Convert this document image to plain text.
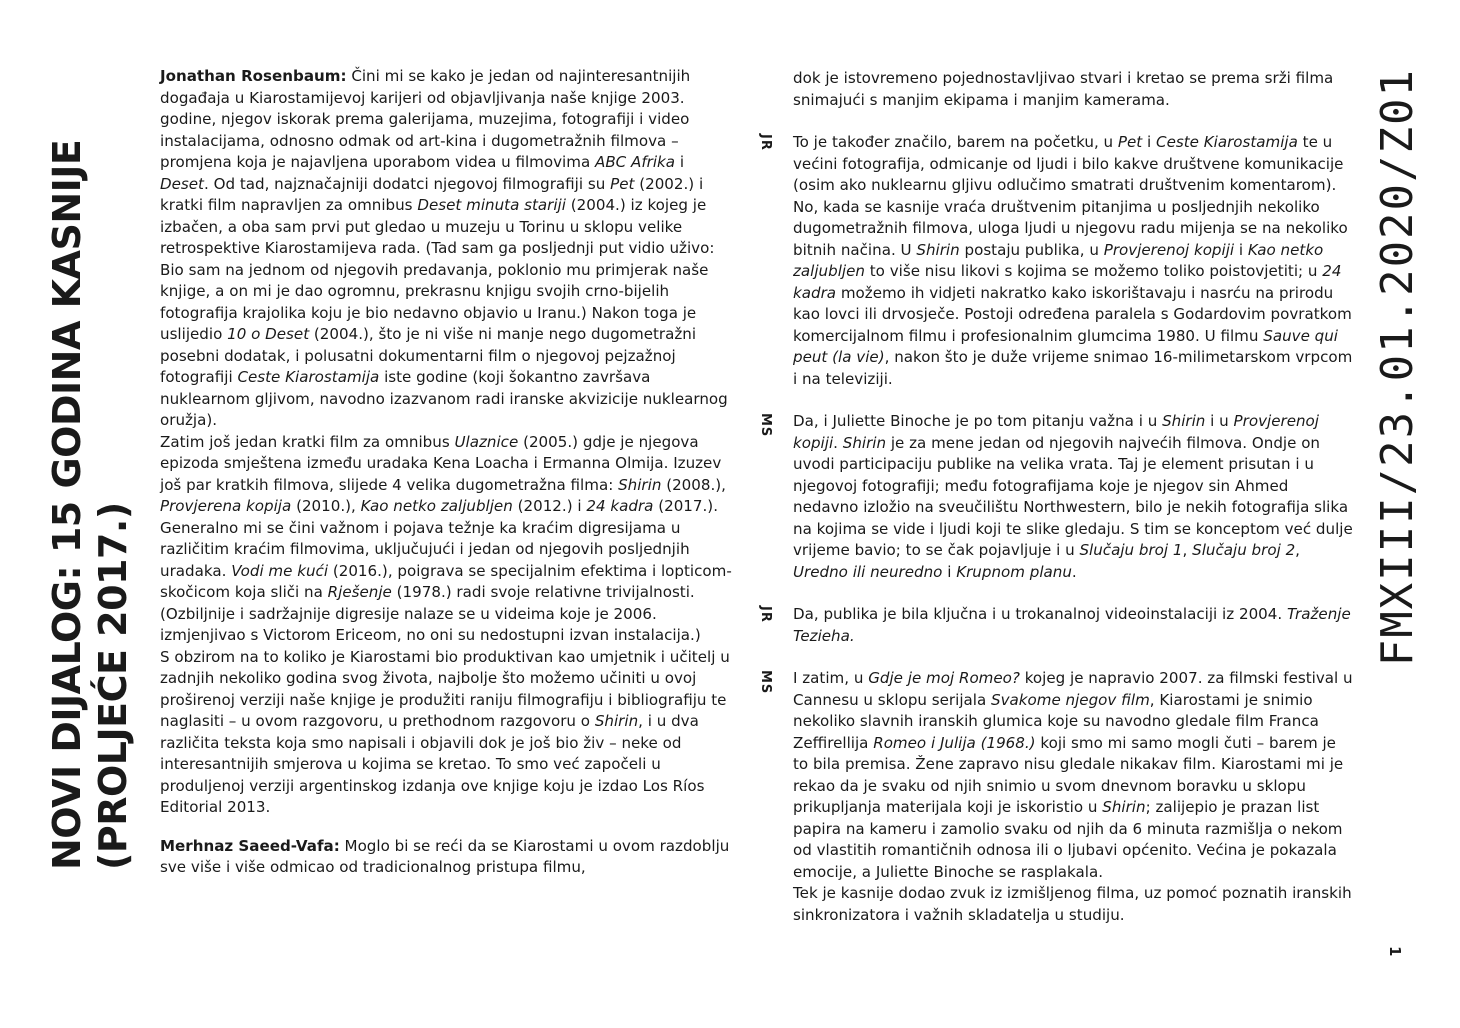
NOVI DIJALOG: 15 GODINA KASNIJE (PROLJEĆE 2017.)

Jonathan Rosenbaum: Čini mi se kako je jedan od najinteresantnijih događaja u Kiarostamijevoj karijeri od objavljivanja naše knjige 2003. godine, njegov iskorak prema galerijama, muzejima, fotografiji i video instalacijama, odnosno odmak od art-kina i dugometražnih filmova – promjena koja je najavljena uporabom videa u filmovima ABC Afrika i Deset. Od tad, najznačajniji dodatci njegovoj filmografiji su Pet (2002.) i kratki film napravljen za omnibus Deset minuta stariji (2004.) iz kojeg je izbačen, a oba sam prvi put gledao u muzeju u Torinu u sklopu velike retrospektive Kiarostamijeva rada. (Tad sam ga posljednji put vidio uživo: Bio sam na jednom od njegovih predavanja, poklonio mu primjerak naše knjige, a on mi je dao ogromnu, prekrasnu knjigu svojih crno-bijelih fotografija krajolika koju je bio nedavno objavio u Iranu.) Nakon toga je uslijedio 10 o Deset (2004.), što je ni više ni manje nego dugometražni posebni dodatak, i polusatni dokumentarni film o njegovoj pejzažnoj fotografiji Ceste Kiarostamija iste godine (koji šokantno završava nuklearnom gljivom, navodno izazvanom radi iranske akvizicije nuklearnog oružja).

Zatim još jedan kratki film za omnibus Ulaznice (2005.) gdje je njegova epizoda smještena između uradaka Kena Loacha i Ermanna Olmija. Izuzev još par kratkih filmova, slijede 4 velika dugometražna filma: Shirin (2008.), Provjerena kopija (2010.), Kao netko zaljubljen (2012.) i 24 kadra (2017.).

Generalno mi se čini važnom i pojava težnje ka kraćim digresijama u različitim kraćim filmovima, uključujući i jedan od njegovih posljednjih uradaka. Vodi me kući (2016.), poigrava se specijalnim efektima i lopticom-skočicom koja sliči na Rješenje (1978.) radi svoje relativne trivijalnosti. (Ozbiljnije i sadržajnije digresije nalaze se u videima koje je 2006. izmjenjivao s Victorom Ericeom, no oni su nedostupni izvan instalacija.)

S obzirom na to koliko je Kiarostami bio produktivan kao umjetnik i učitelj u zadnjih nekoliko godina svog života, najbolje što možemo učiniti u ovoj proširenoj verziji naše knjige je produžiti raniju filmografiju i bibliografiju te naglasiti – u ovom razgovoru, u prethodnom razgovoru o Shirin, i u dva različita teksta koja smo napisali i objavili dok je još bio živ – neke od interesantnijih smjerova u kojima se kretao. To smo već započeli u produljenoj verziji argentinskog izdanja ove knjige koju je izdao Los Ríos Editorial 2013.

Merhnaz Saeed-Vafa: Moglo bi se reći da se Kiarostami u ovom razdoblju sve više i više odmicao od tradicionalnog pristupa filmu,

dok je istovremeno pojednostavljivao stvari i kretao se prema srži filma snimajući s manjim ekipama i manjim kamerama.

JR To je također značilo, barem na početku, u Pet i Ceste Kiarostamija te u većini fotografija, odmicanje od ljudi i bilo kakve društvene komunikacije (osim ako nuklearnu gljivu odlučimo smatrati društvenim komentarom). No, kada se kasnije vraća društvenim pitanjima u posljednjih nekoliko dugometražnih filmova, uloga ljudi u njegovu radu mijenja se na nekoliko bitnih načina. U Shirin postaju publika, u Provjerenoj kopiji i Kao netko zaljubljen to više nisu likovi s kojima se možemo toliko poistovjetiti; u 24 kadra možemo ih vidjeti nakratko kako iskorištavaju i nasrću na prirodu kao lovci ili drvosječe. Postoji određena paralela s Godardovim povratkom komercijalnom filmu i profesionalnim glumcima 1980. U filmu Sauve qui peut (la vie), nakon što je duže vrijeme snimao 16-milimetarskom vrpcom i na televiziji.

MS Da, i Juliette Binoche je po tom pitanju važna i u Shirin i u Provjerenoj kopiji. Shirin je za mene jedan od njegovih najvećih filmova. Ondje on uvodi participaciju publike na velika vrata. Taj je element prisutan i u njegovoj fotografiji; među fotografijama koje je njegov sin Ahmed nedavno izložio na sveučilištu Northwestern, bilo je nekih fotografija slika na kojima se vide i ljudi koji te slike gledaju. S tim se konceptom već dulje vrijeme bavio; to se čak pojavljuje i u Slučaju broj 1, Slučaju broj 2, Uredno ili neuredno i Krupnom planu.

JR Da, publika je bila ključna i u trokanalnoj videoinstalaciji iz 2004. Traženje Tezieha.

MS I zatim, u Gdje je moj Romeo? kojeg je napravio 2007. za filmski festival u Cannesu u sklopu serijala Svakome njegov film, Kiarostami je snimio nekoliko slavnih iranskih glumica koje su navodno gledale film Franca Zeffirellija Romeo i Julija (1968.) koji smo mi samo mogli čuti – barem je to bila premisa. Žene zapravo nisu gledale nikakav film. Kiarostami mi je rekao da je svaku od njih snimio u svom dnevnom boravku u sklopu prikupljanja materijala koji je iskoristio u Shirin; zalijepio je prazan list papira na kameru i zamolio svaku od njih da 6 minuta razmišlja o nekom od vlastitih romantičnih odnosa ili o ljubavi općenito. Većina je pokazala emocije, a Juliette Binoche se rasplakala.

Tek je kasnije dodao zvuk iz izmišljenog filma, uz pomoć poznatih iranskih sinkronizatora i važnih skladatelja u studiju.

FMXIII/23.01.2020/Z01
1
